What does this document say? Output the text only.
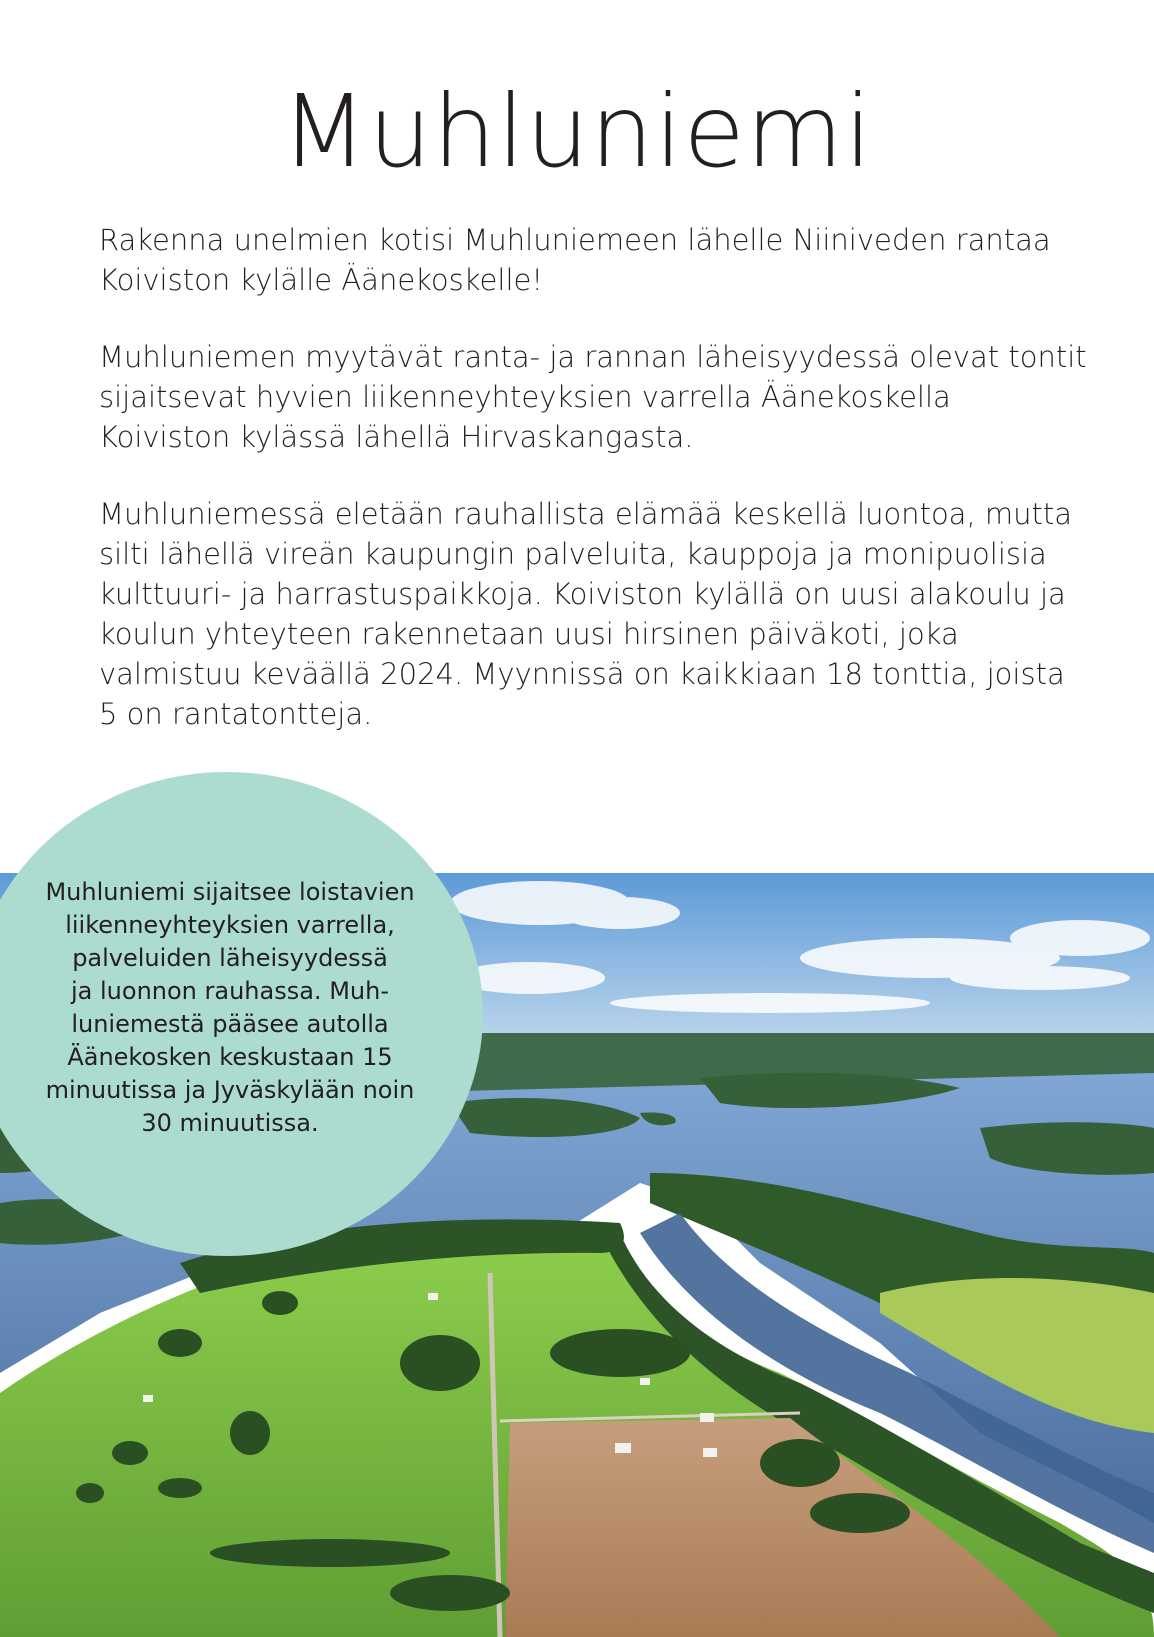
Muhluniemi

Rakenna unelmien kotisi Muhluniemeen lähelle Niiniveden rantaa Koiviston kylälle Äänekoskelle!

Muhluniemen myytävät ranta- ja rannan läheisyydessä olevat tontit sijaitsevat hyvien liikenneyhteyksien varrella Äänekoskella Koiviston kylässä lähellä Hirvaskangasta.

Muhluniemessä eletään rauhallista elämää keskellä luontoa, mutta silti lähellä vireän kaupungin palveluita, kauppoja ja monipuolisia kulttuuri- ja harrastuspaikkoja. Koiviston kylällä on uusi alakoulu ja koulun yhteyteen rakennetaan uusi hirsinen päiväkoti, joka valmistuu keväällä 2024. Myynnissä on kaikkiaan 18 tonttia, joista 5 on rantatontteja.

Muhluniemi sijaitsee loistavien
liikenneyhteyksien varrella,
palveluiden läheisyydessä
ja luonnon rauhassa. Muh-
luniemestä pääsee autolla
Äänekosken keskustaan 15
minuutissa ja Jyväskylään noin
30 minuutissa.
